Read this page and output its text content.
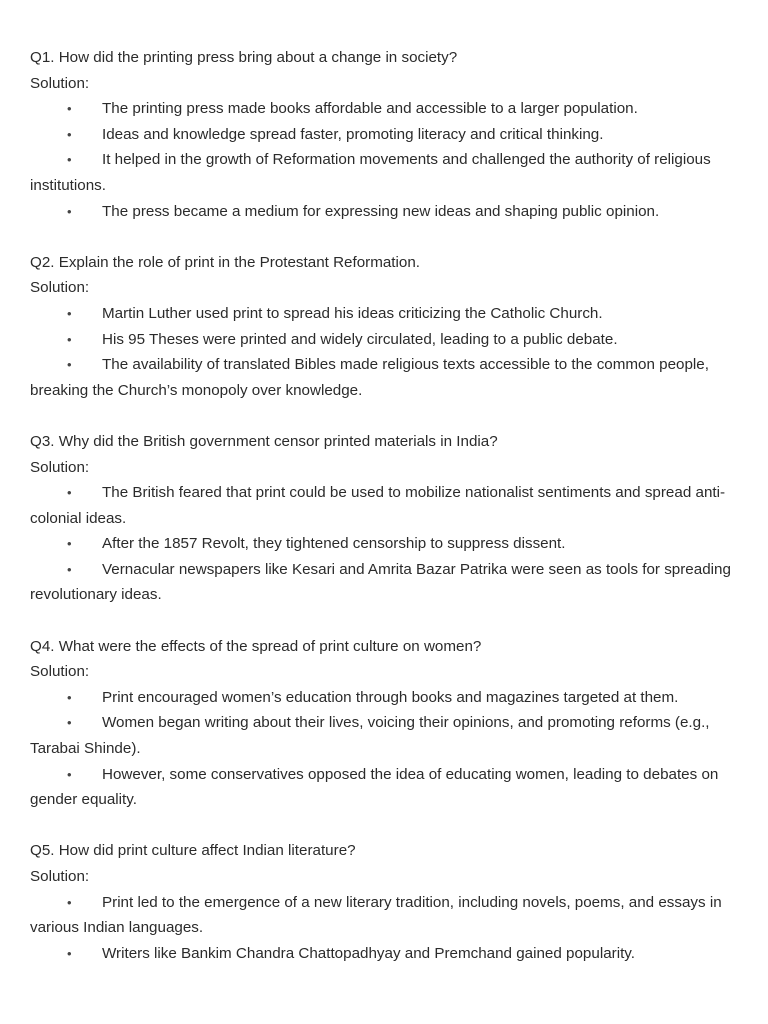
Q1. How did the printing press bring about a change in society?
Solution:
• The printing press made books affordable and accessible to a larger population.
• Ideas and knowledge spread faster, promoting literacy and critical thinking.
• It helped in the growth of Reformation movements and challenged the authority of religious institutions.
• The press became a medium for expressing new ideas and shaping public opinion.
Q2. Explain the role of print in the Protestant Reformation.
Solution:
• Martin Luther used print to spread his ideas criticizing the Catholic Church.
• His 95 Theses were printed and widely circulated, leading to a public debate.
• The availability of translated Bibles made religious texts accessible to the common people, breaking the Church’s monopoly over knowledge.
Q3. Why did the British government censor printed materials in India?
Solution:
• The British feared that print could be used to mobilize nationalist sentiments and spread anti-colonial ideas.
• After the 1857 Revolt, they tightened censorship to suppress dissent.
• Vernacular newspapers like Kesari and Amrita Bazar Patrika were seen as tools for spreading revolutionary ideas.
Q4. What were the effects of the spread of print culture on women?
Solution:
• Print encouraged women’s education through books and magazines targeted at them.
• Women began writing about their lives, voicing their opinions, and promoting reforms (e.g., Tarabai Shinde).
• However, some conservatives opposed the idea of educating women, leading to debates on gender equality.
Q5. How did print culture affect Indian literature?
Solution:
• Print led to the emergence of a new literary tradition, including novels, poems, and essays in various Indian languages.
• Writers like Bankim Chandra Chattopadhyay and Premchand gained popularity.
